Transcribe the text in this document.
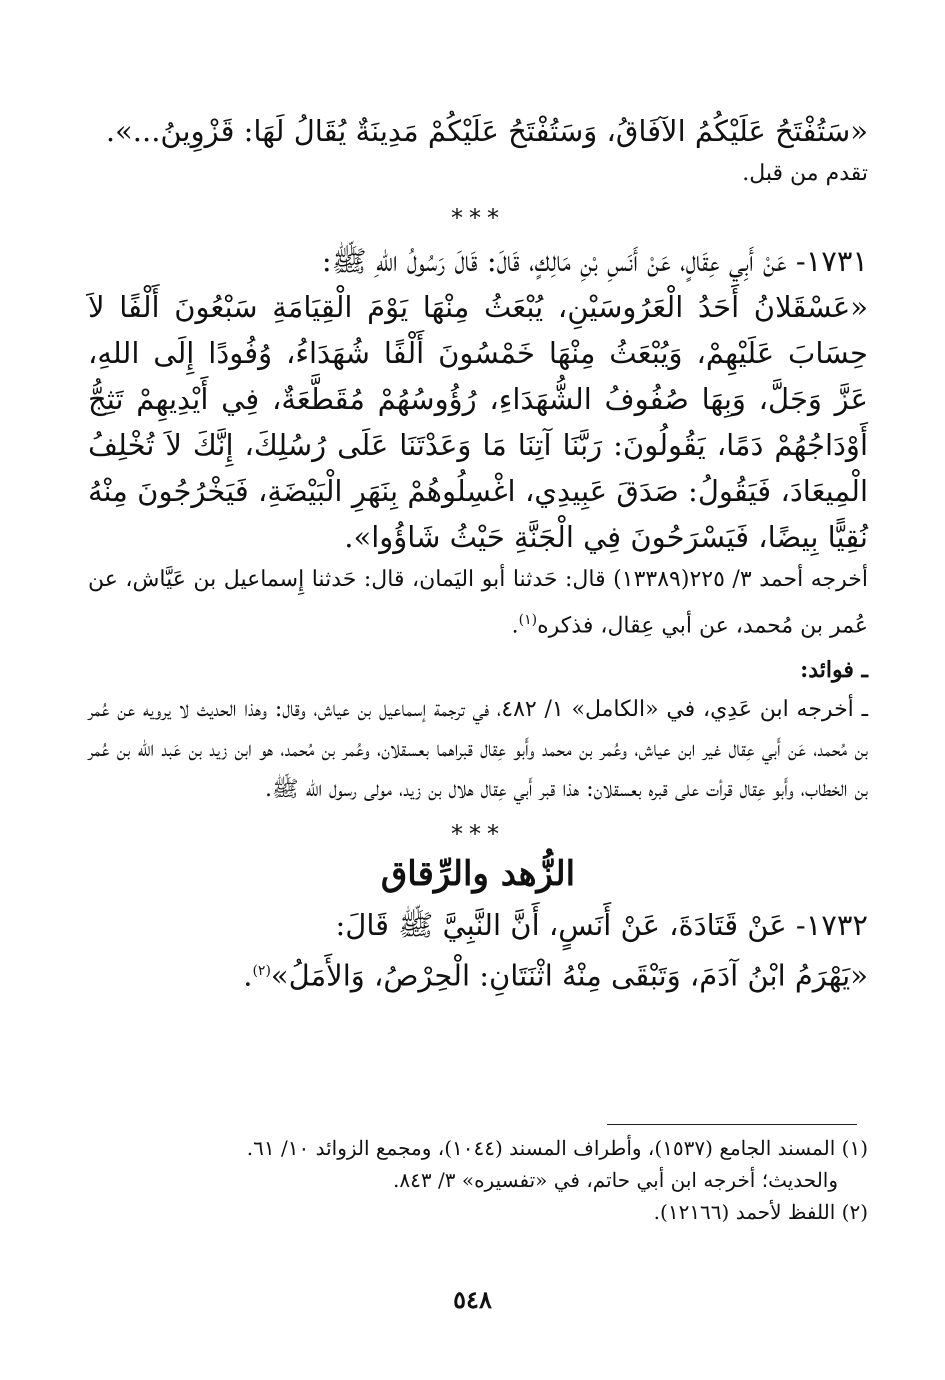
«سَتُفْتَحُ عَلَيْكُمُ الآفَاقُ، وَسَتُفْتَحُ عَلَيْكُمْ مَدِينَةٌ يُقَالُ لَهَا: قَزْوِينُ...».

تقدم من قبل.

***

١٧٣١- عَنْ أَبِي عِقَالٍ، عَنْ أَنَسِ بْنِ مَالِكٍ، قَالَ: قَالَ رَسُولُ اللهِ ﷺ:

«عَسْقَلانُ أَحَدُ الْعَرُوسَيْنِ، يُبْعَثُ مِنْهَا يَوْمَ الْقِيَامَةِ سَبْعُونَ أَلْفًا لاَ حِسَابَ عَلَيْهِمْ، وَيُبْعَثُ مِنْهَا خَمْسُونَ أَلْفًا شُهَدَاءُ، وُفُودًا إِلَى اللهِ، عَزَّ وَجَلَّ، وَبِهَا صُفُوفُ الشُّهَدَاءِ، رُؤُوسُهُمْ مُقَطَّعَةٌ، فِي أَيْدِيهِمْ تَثِجُّ أَوْدَاجُهُمْ دَمًا، يَقُولُونَ: رَبَّنَا آتِنَا مَا وَعَدْتَنَا عَلَى رُسُلِكَ، إِنَّكَ لاَ تُخْلِفُ الْمِيعَادَ، فَيَقُولُ: صَدَقَ عَبِيدِي، اغْسِلُوهُمْ بِنَهَرِ الْبَيْضَةِ، فَيَخْرُجُونَ مِنْهُ نُقِيًّا بِيضًا، فَيَسْرَحُونَ فِي الْجَنَّةِ حَيْثُ شَاؤُوا».

أخرجه أحمد ٣/ ٢٢٥(١٣٣٨٩) قال: حَدثنا أبو اليَمان، قال: حَدثنا إِسماعيل بن عَيَّاش، عن عُمر بن مُحمد، عن أبي عِقال، فذكره$^{(١)}$.

ـ فوائد:

ـ أخرجه ابن عَدِي، في «الكامل» ١/ ٤٨٢، في ترجمة إسماعيل بن عياش، وقال: وهذا الحديث لا يرويه عن عُمر بن مُحمد، عَن أَبي عِقال غير ابن عياش، وعُمر بن محمد وأَبو عِقال قبراهما بعسقلان، وعُمر بن مُحمد، هو ابن زيد بن عَبد الله بن عُمر بن الخطاب، وأَبو عِقال قرأت على قبره بعسقلان: هذا قبر أَبي عِقال هلال بن زيد، مولى رسول الله ﷺ.

***
الزُّهد والرِّقاق

١٧٣٢- عَنْ قَتَادَةَ، عَنْ أَنَسٍ، أَنَّ النَّبِيَّ ﷺ قَالَ:

«يَهْرَمُ ابْنُ آدَمَ، وَتَبْقَى مِنْهُ اثْنَتَانِ: الْحِرْصُ، وَالأَمَلُ»$^{(٢)}$.

(١) المسند الجامع (١٥٣٧)، وأطراف المسند (١٠٤٤)، ومجمع الزوائد ١٠/ ٦١.

والحديث؛ أخرجه ابن أبي حاتم، في «تفسيره» ٣/ ٨٤٣.

(٢) اللفظ لأحمد (١٢١٦٦).

٥٤٨
